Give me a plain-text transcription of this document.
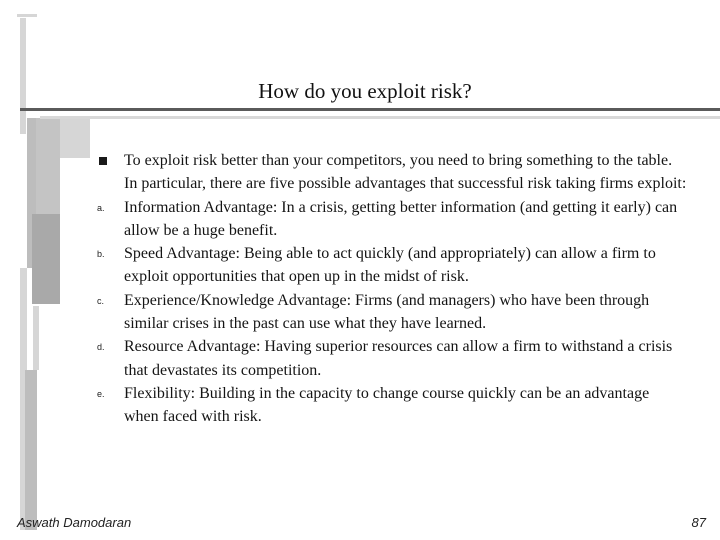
How do you exploit risk?
To exploit risk better than your competitors, you need to bring something to the table. In particular, there are five possible advantages that successful risk taking firms exploit:
a. Information Advantage: In a crisis, getting better information (and getting it early) can allow be a huge benefit.
b. Speed Advantage: Being able to act quickly (and appropriately) can allow a firm to exploit opportunities that open up in the midst of risk.
c. Experience/Knowledge Advantage: Firms (and managers) who have been through similar crises in the past can use what they have learned.
d. Resource Advantage: Having superior resources can allow a firm to withstand a crisis that devastates its competition.
e. Flexibility: Building in the capacity to change course quickly can be an advantage when faced with risk.
Aswath Damodaran	87
